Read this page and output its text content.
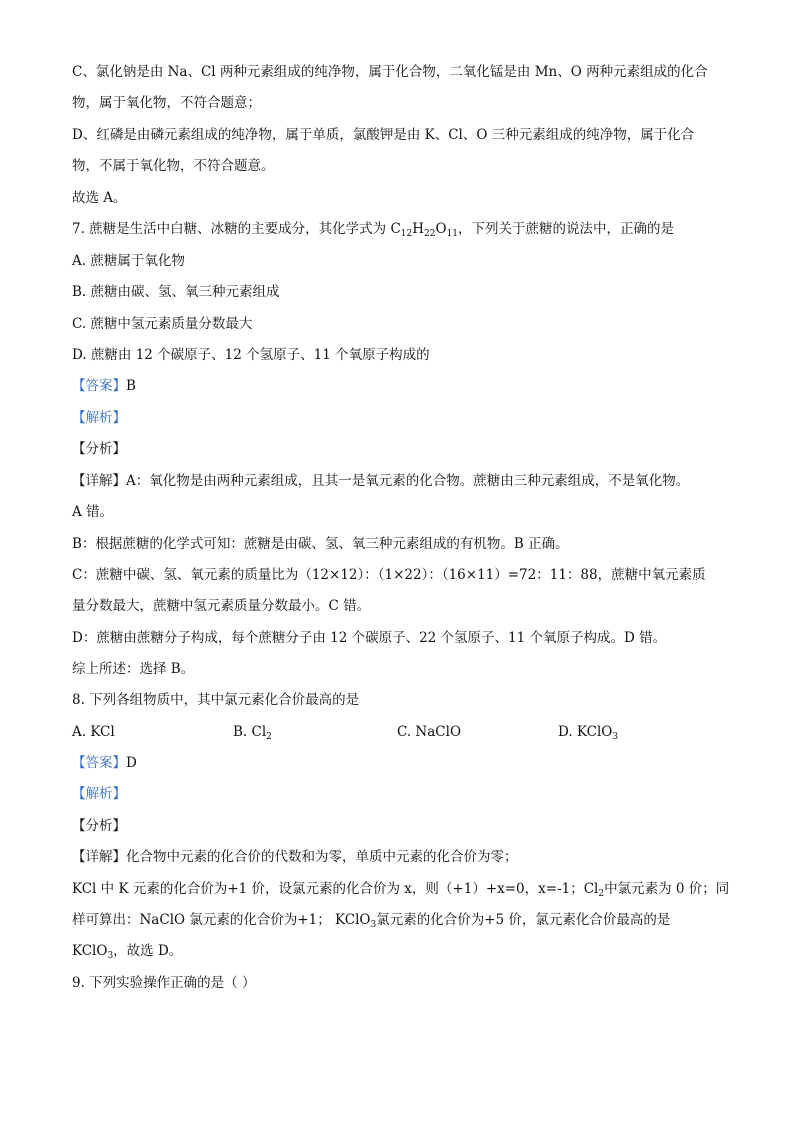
C、氯化钠是由 Na、Cl 两种元素组成的纯净物，属于化合物，二氧化锰是由 Mn、O 两种元素组成的化合
物，属于氧化物，不符合题意；
D、红磷是由磷元素组成的纯净物，属于单质，氯酸钾是由 K、Cl、O 三种元素组成的纯净物，属于化合
物，不属于氧化物，不符合题意。
故选 A。
7. 蔗糖是生活中白糖、冰糖的主要成分，其化学式为 $C_{12}H_{22}O_{11}$，下列关于蔗糖的说法中，正确的是
A. 蔗糖属于氧化物
B. 蔗糖由碳、氢、氧三种元素组成
C. 蔗糖中氢元素质量分数最大
D. 蔗糖由 12 个碳原子、12 个氢原子、11 个氧原子构成的
【答案】B
【解析】
【分析】
【详解】A：氧化物是由两种元素组成，且其一是氧元素的化合物。蔗糖由三种元素组成，不是氧化物。
A 错。
B：根据蔗糖的化学式可知：蔗糖是由碳、氢、氧三种元素组成的有机物。B 正确。
C：蔗糖中碳、氢、氧元素的质量比为（12×12）：（1×22）：（16×11）=72：11：88，蔗糖中氧元素质
量分数最大，蔗糖中氢元素质量分数最小。C 错。
D：蔗糖由蔗糖分子构成，每个蔗糖分子由 12 个碳原子、22 个氢原子、11 个氧原子构成。D 错。
综上所述：选择 B。
8. 下列各组物质中，其中氯元素化合价最高的是
A. KCl	B. $Cl_2$	C. NaClO	D. KClO$_3$
【答案】D
【解析】
【分析】
【详解】化合物中元素的化合价的代数和为零，单质中元素的化合价为零；
KCl 中 K 元素的化合价为+1 价，设氯元素的化合价为 x，则（+1）+x=0，x=-1；$Cl_2$中氯元素为 0 价；同
样可算出：NaClO 氯元素的化合价为+1； KClO$_3$氯元素的化合价为+5 价，氯元素化合价最高的是
KClO$_3$，故选 D。
9. 下列实验操作正确的是（ ）
